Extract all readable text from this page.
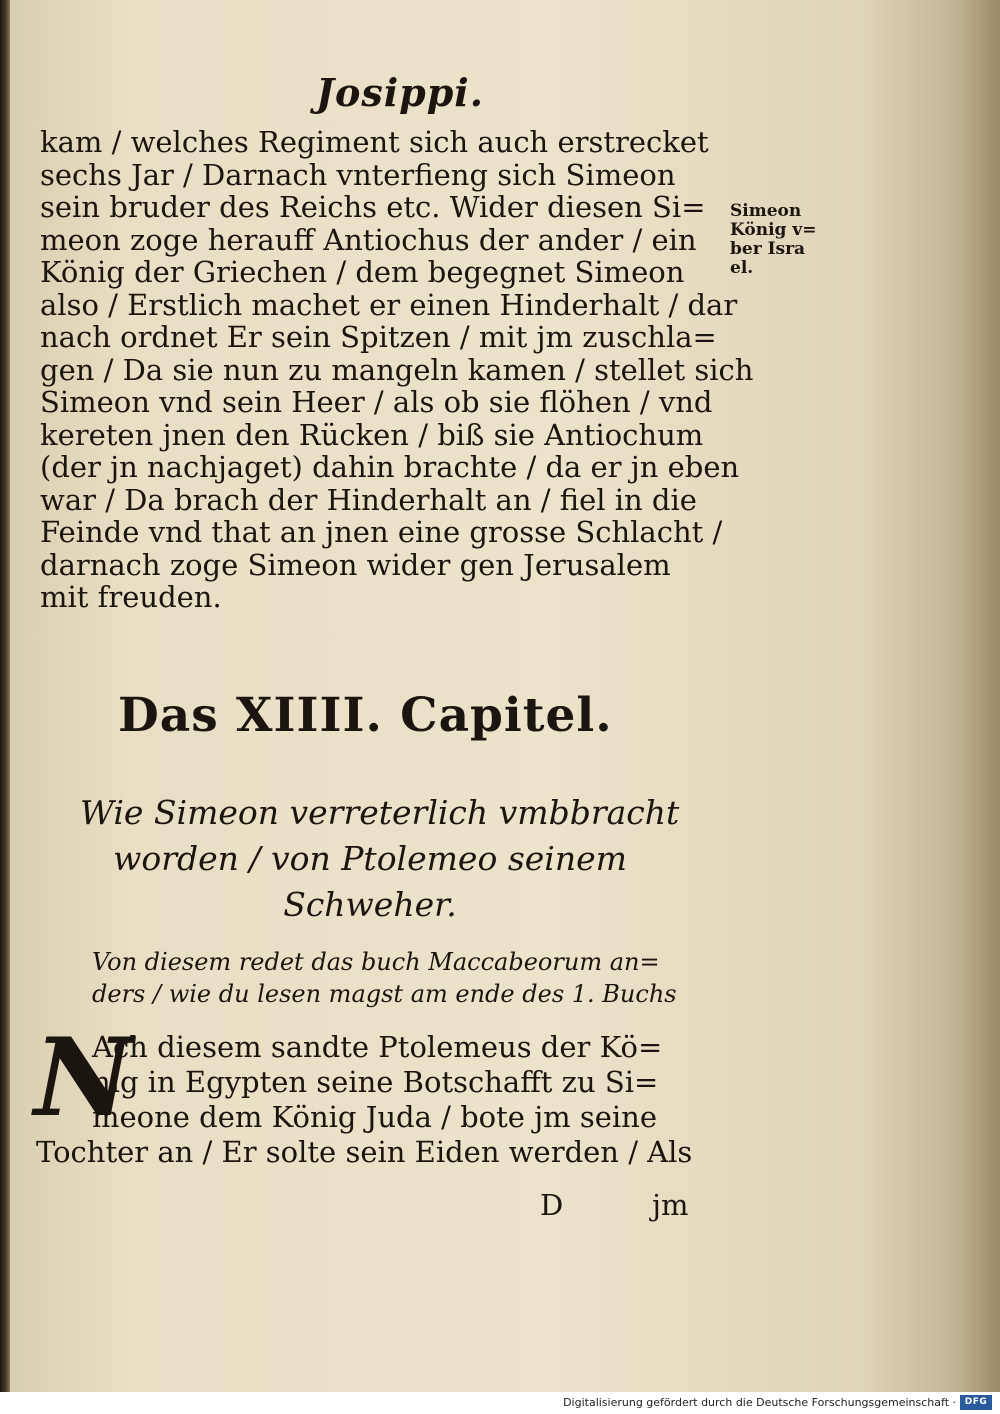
Josippi.
kam / welches Regiment sich auch erstrecket
sechs Jar / Darnach vnterfieng sich Simeon
sein bruder des Reichs etc. Wider diesen Si=
meon zoge herauff Antiochus der ander / ein
König der Griechen / dem begegnet Simeon
also / Erstlich machet er einen Hinderhalt / dar
nach ordnet Er sein Spitzen / mit jm zuschla=
gen / Da sie nun zu mangeln kamen / stellet sich
Simeon vnd sein Heer / als ob sie flöhen / vnd
kereten jnen den Rücken / biß sie Antiochum
(der jn nachjaget) dahin brachte / da er jn eben
war / Da brach der Hinderhalt an / fiel in die
Feinde vnd that an jnen eine grosse Schlacht /
darnach zoge Simeon wider gen Jerusalem
mit freuden.
Simeon
König v=
ber Isra
el.
Das XIIII. Capitel.
Wie Simeon verreterlich vmbbracht
worden / von Ptolemeo seinem
Schweher.
Von diesem redet das buch Maccabeorum an=
ders / wie du lesen magst am ende des 1. Buchs
N
Ach diesem sandte Ptolemeus der Kö=
nig in Egypten seine Botschafft zu Si=
meone dem König Juda / bote jm seine
Tochter an / Er solte sein Eiden werden / Als
D	jm
Digitalisierung gefördert durch die Deutsche Forschungsgemeinschaft · DFG
